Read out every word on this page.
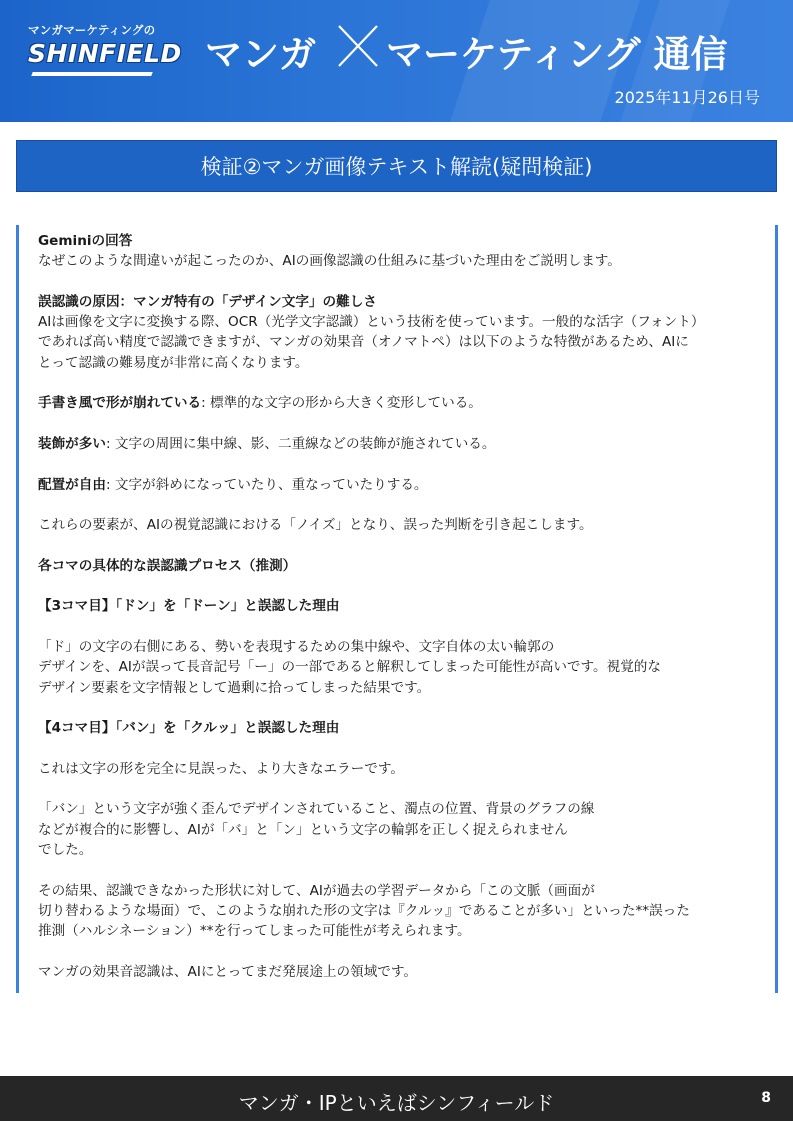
マンガマーケティングの
SHINFIELD マンガ マーケティング 通信
2025年11月26日号
検証②マンガ画像テキスト解読(疑問検証)
Geminiの回答
なぜこのような間違いが起こったのか、AIの画像認識の仕組みに基づいた理由をご説明します。
誤認識の原因：マンガ特有の「デザイン文字」の難しさ
AIは画像を文字に変換する際、OCR（光学文字認識）という技術を使っています。一般的な活字（フォント）
であれば高い精度で認識できますが、マンガの効果音（オノマトペ）は以下のような特徴があるため、AIに
とって認識の難易度が非常に高くなります。
手書き風で形が崩れている: 標準的な文字の形から大きく変形している。
装飾が多い: 文字の周囲に集中線、影、二重線などの装飾が施されている。
配置が自由: 文字が斜めになっていたり、重なっていたりする。
これらの要素が、AIの視覚認識における「ノイズ」となり、誤った判断を引き起こします。
各コマの具体的な誤認識プロセス（推測）
【3コマ目】「ドン」を「ドーン」と誤認した理由
「ド」の文字の右側にある、勢いを表現するための集中線や、文字自体の太い輪郭の
デザインを、AIが誤って長音記号「ー」の一部であると解釈してしまった可能性が高いです。視覚的な
デザイン要素を文字情報として過剰に拾ってしまった結果です。
【4コマ目】「バン」を「クルッ」と誤認した理由
これは文字の形を完全に見誤った、より大きなエラーです。
「バン」という文字が強く歪んでデザインされていること、濁点の位置、背景のグラフの線
などが複合的に影響し、AIが「バ」と「ン」という文字の輪郭を正しく捉えられません
でした。
その結果、認識できなかった形状に対して、AIが過去の学習データから「この文脈（画面が
切り替わるような場面）で、このような崩れた形の文字は『クルッ』であることが多い」といった**誤った
推測（ハルシネーション）**を行ってしまった可能性が考えられます。
マンガの効果音認識は、AIにとってまだ発展途上の領域です。
マンガ・IPといえばシンフィールド	8
